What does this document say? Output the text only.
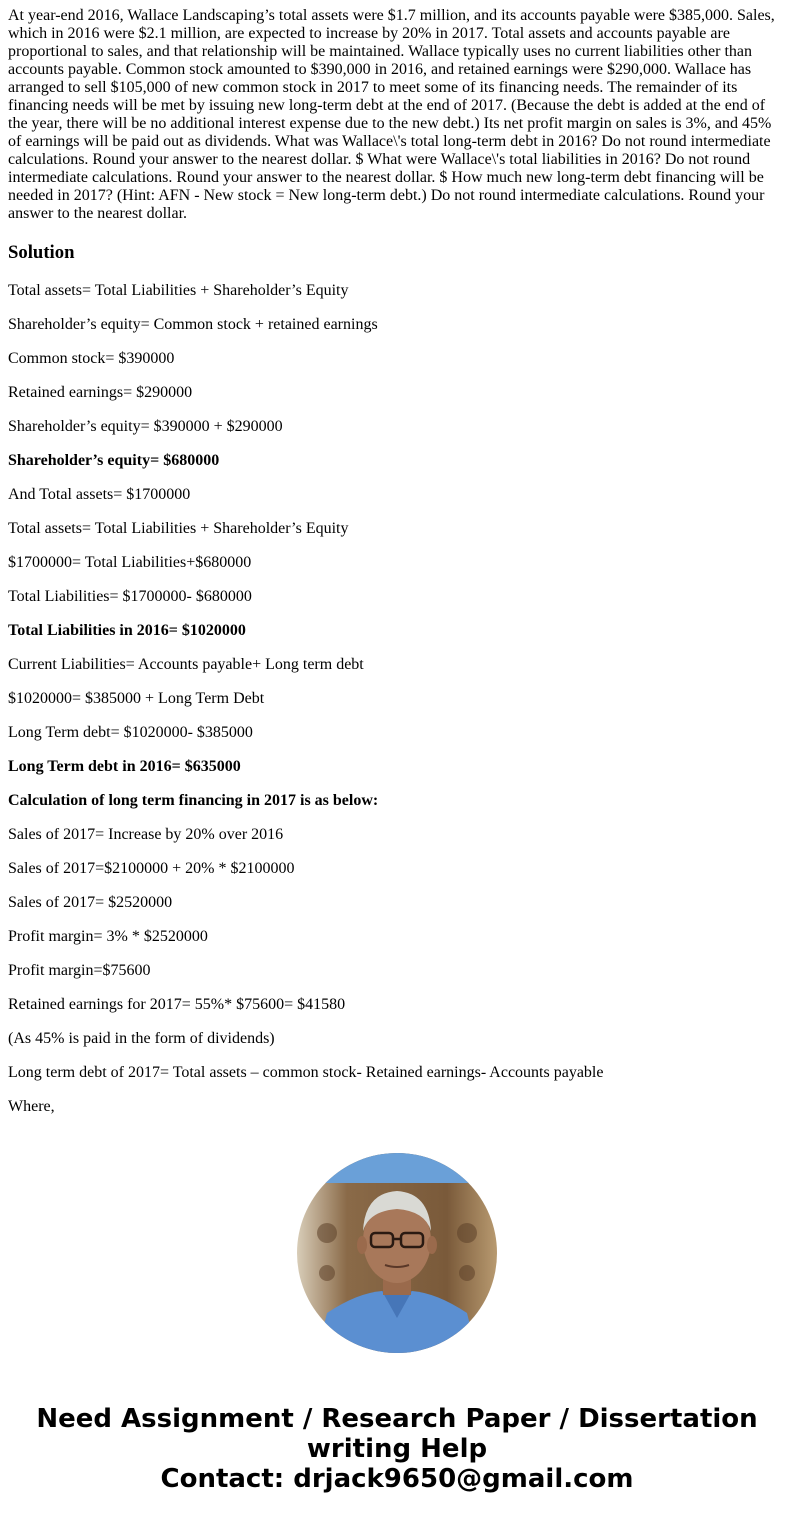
At year-end 2016, Wallace Landscaping’s total assets were $1.7 million, and its accounts payable were $385,000. Sales, which in 2016 were $2.1 million, are expected to increase by 20% in 2017. Total assets and accounts payable are proportional to sales, and that relationship will be maintained. Wallace typically uses no current liabilities other than accounts payable. Common stock amounted to $390,000 in 2016, and retained earnings were $290,000. Wallace has arranged to sell $105,000 of new common stock in 2017 to meet some of its financing needs. The remainder of its financing needs will be met by issuing new long-term debt at the end of 2017. (Because the debt is added at the end of the year, there will be no additional interest expense due to the new debt.) Its net profit margin on sales is 3%, and 45% of earnings will be paid out as dividends. What was Wallace\'s total long-term debt in 2016? Do not round intermediate calculations. Round your answer to the nearest dollar. $ What were Wallace\'s total liabilities in 2016? Do not round intermediate calculations. Round your answer to the nearest dollar. $ How much new long-term debt financing will be needed in 2017? (Hint: AFN - New stock = New long-term debt.) Do not round intermediate calculations. Round your answer to the nearest dollar.

Solution
Total assets= Total Liabilities + Shareholder’s Equity
Shareholder’s equity= Common stock + retained earnings
Common stock= $390000
Retained earnings= $290000
Shareholder’s equity= $390000 + $290000
Shareholder’s equity= $680000
And Total assets= $1700000
Total assets= Total Liabilities + Shareholder’s Equity
$1700000= Total Liabilities+$680000
Total Liabilities= $1700000- $680000
Total Liabilities in 2016= $1020000
Current Liabilities= Accounts payable+ Long term debt
$1020000= $385000 + Long Term Debt
Long Term debt= $1020000- $385000
Long Term debt in 2016= $635000
Calculation of long term financing in 2017 is as below:
Sales of 2017= Increase by 20% over 2016
Sales of 2017=$2100000 + 20% * $2100000
Sales of 2017= $2520000
Profit margin= 3% * $2520000
Profit margin=$75600
Retained earnings for 2017= 55%* $75600= $41580
(As 45% is paid in the form of dividends)
Long term debt of 2017= Total assets – common stock- Retained earnings- Accounts payable
Where,
Need Assignment / Research Paper / Dissertation
writing Help
Contact: drjack9650@gmail.com
